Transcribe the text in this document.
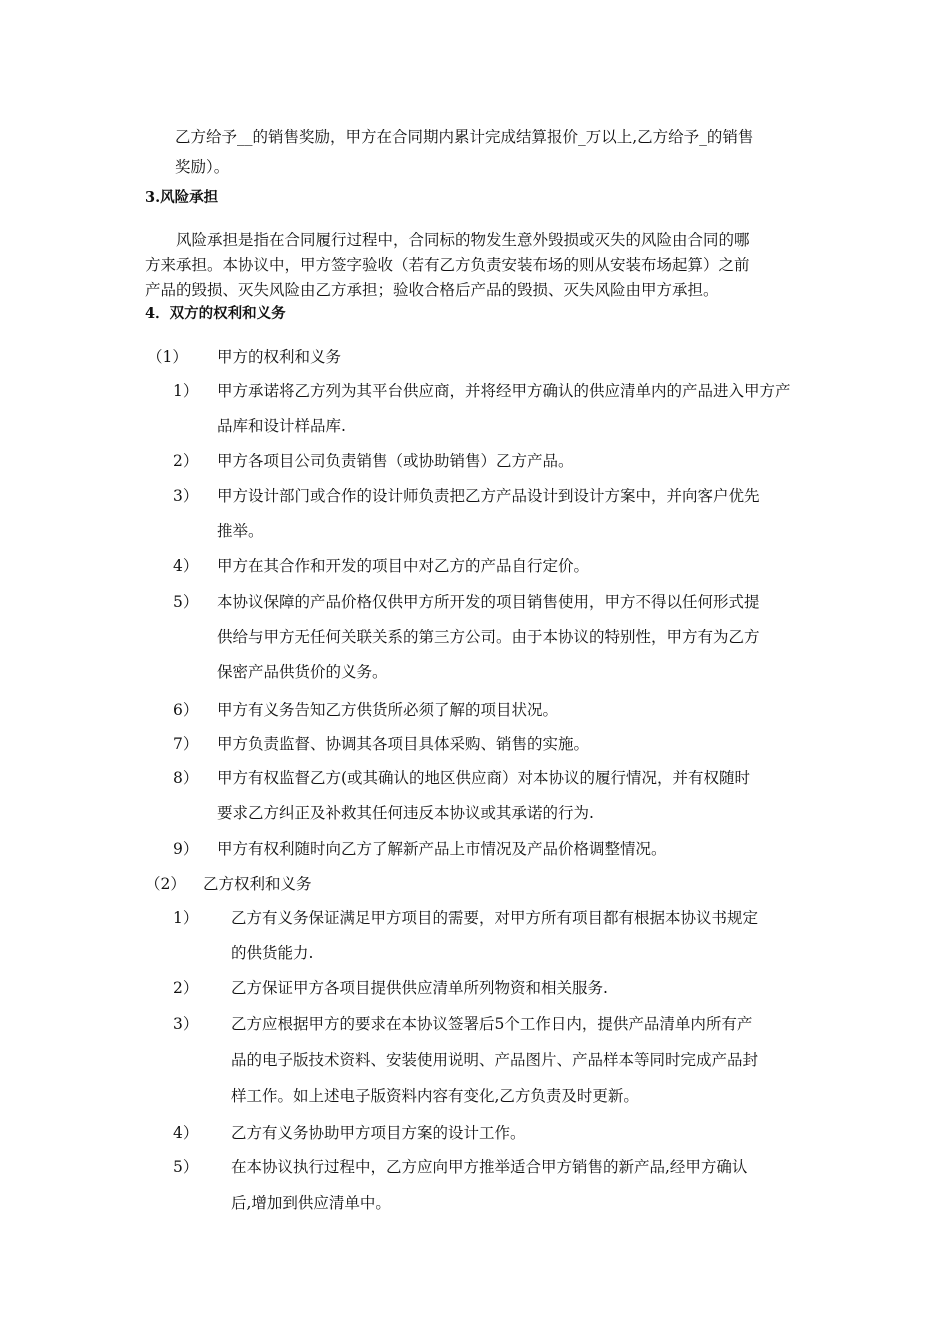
乙方给予__的销售奖励，甲方在合同期内累计完成结算报价_万以上,乙方给予_的销售
奖励）。
3.风险承担
风险承担是指在合同履行过程中，合同标的物发生意外毁损或灭失的风险由合同的哪
方来承担。本协议中，甲方签字验收（若有乙方负责安装布场的则从安装布场起算）之前
产品的毁损、灭失风险由乙方承担；验收合格后产品的毁损、灭失风险由甲方承担。
4．双方的权利和义务
（1） 甲方的权利和义务
1） 甲方承诺将乙方列为其平台供应商，并将经甲方确认的供应清单内的产品进入甲方产
品库和设计样品库.
2） 甲方各项目公司负责销售（或协助销售）乙方产品。
3） 甲方设计部门或合作的设计师负责把乙方产品设计到设计方案中，并向客户优先
推举。
4） 甲方在其合作和开发的项目中对乙方的产品自行定价。
5） 本协议保障的产品价格仅供甲方所开发的项目销售使用，甲方不得以任何形式提
供给与甲方无任何关联关系的第三方公司。由于本协议的特别性，甲方有为乙方
保密产品供货价的义务。
6） 甲方有义务告知乙方供货所必须了解的项目状况。
7） 甲方负责监督、协调其各项目具体采购、销售的实施。
8） 甲方有权监督乙方(或其确认的地区供应商）对本协议的履行情况，并有权随时
要求乙方纠正及补救其任何违反本协议或其承诺的行为.
9） 甲方有权利随时向乙方了解新产品上市情况及产品价格调整情况。
（2） 乙方权利和义务
1） 乙方有义务保证满足甲方项目的需要，对甲方所有项目都有根据本协议书规定
的供货能力.
2） 乙方保证甲方各项目提供供应清单所列物资和相关服务.
3） 乙方应根据甲方的要求在本协议签署后5个工作日内，提供产品清单内所有产
品的电子版技术资料、安装使用说明、产品图片、产品样本等同时完成产品封
样工作。如上述电子版资料内容有变化,乙方负责及时更新。
4） 乙方有义务协助甲方项目方案的设计工作。
5） 在本协议执行过程中，乙方应向甲方推举适合甲方销售的新产品,经甲方确认
后,增加到供应清单中。
